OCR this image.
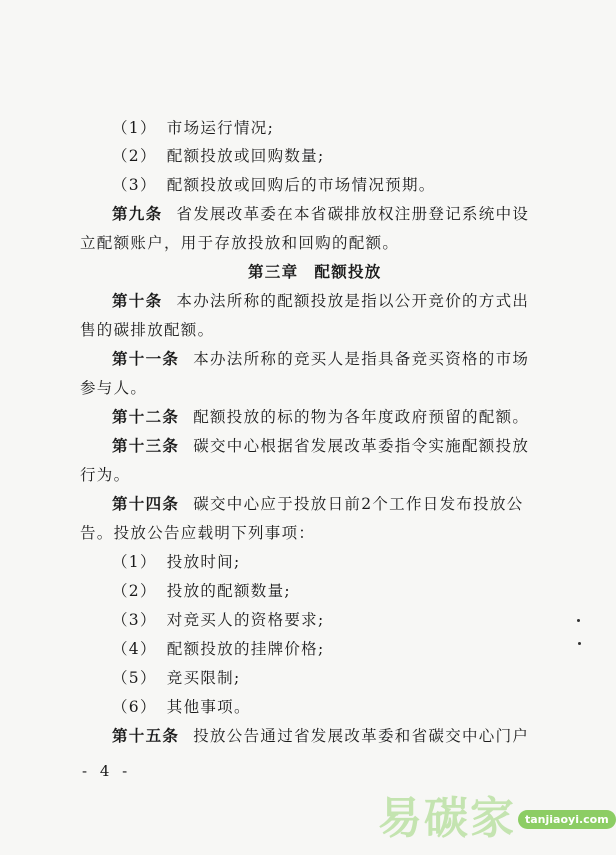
（1） 市场运行情况;
（2） 配额投放或回购数量;
（3） 配额投放或回购后的市场情况预期。
第九条 省发展改革委在本省碳排放权注册登记系统中设
立配额账户，用于存放投放和回购的配额。
第三章 配额投放
第十条 本办法所称的配额投放是指以公开竞价的方式出
售的碳排放配额。
第十一条 本办法所称的竞买人是指具备竞买资格的市场
参与人。
第十二条 配额投放的标的物为各年度政府预留的配额。
第十三条 碳交中心根据省发展改革委指令实施配额投放
行为。
第十四条 碳交中心应于投放日前2个工作日发布投放公
告。投放公告应载明下列事项：
（1） 投放时间;
（2） 投放的配额数量;
（3） 对竞买人的资格要求;
（4） 配额投放的挂牌价格;
（5） 竞买限制;
（6） 其他事项。
第十五条 投放公告通过省发展改革委和省碳交中心门户
- 4 -
易碳家 tanjiaoyi.com
